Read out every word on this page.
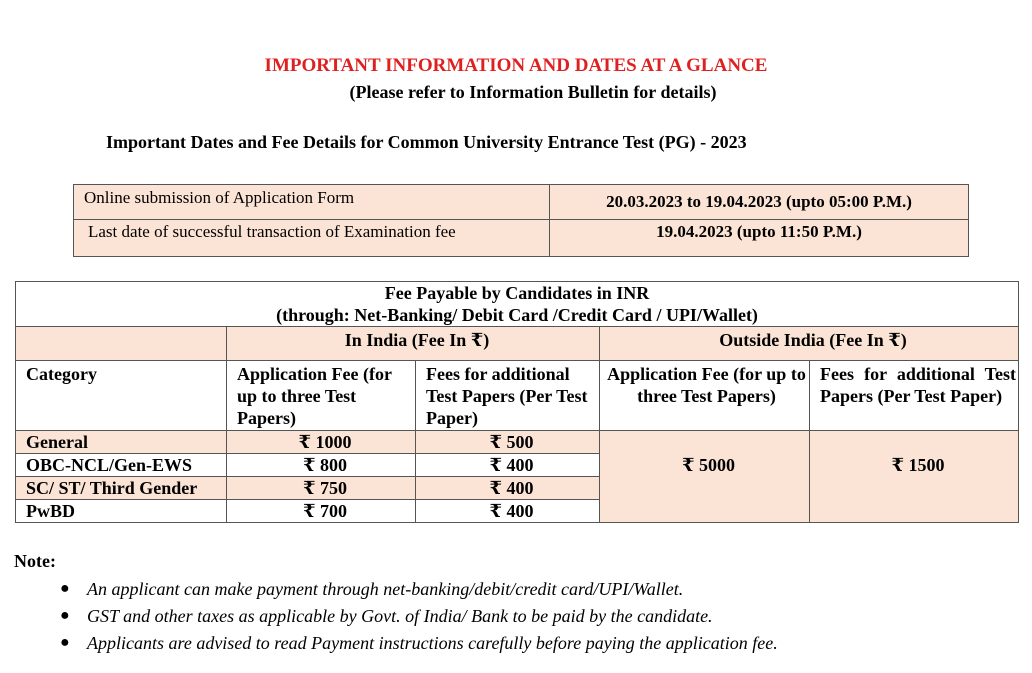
IMPORTANT INFORMATION AND DATES AT A GLANCE
(Please refer to Information Bulletin for details)
Important Dates and Fee Details for Common University Entrance Test (PG) - 2023
Online submission of Application Form	20.03.2023 to 19.04.2023 (upto 05:00 P.M.)
Last date of successful transaction of Examination fee	19.04.2023 (upto 11:50 P.M.)
Fee Payable by Candidates in INR
(through: Net-Banking/ Debit Card /Credit Card / UPI/Wallet)				

	In India (Fee In ₹)		Outside India (Fee In ₹)	
Category	Application Fee (for up to three Test Papers)	Fees for additional Test Papers (Per Test Paper)	Application Fee (for up to three Test Papers)	Fees for additional Test Papers (Per Test Paper)
General	₹ 1000	₹ 500	₹ 5000	₹ 1500
OBC-NCL/Gen-EWS	₹ 800	₹ 400		
SC/ ST/ Third Gender	₹ 750	₹ 400		
PwBD	₹ 700	₹ 400		
Note:
● An applicant can make payment through net-banking/debit/credit card/UPI/Wallet.
● GST and other taxes as applicable by Govt. of India/ Bank to be paid by the candidate.
● Applicants are advised to read Payment instructions carefully before paying the application fee.
